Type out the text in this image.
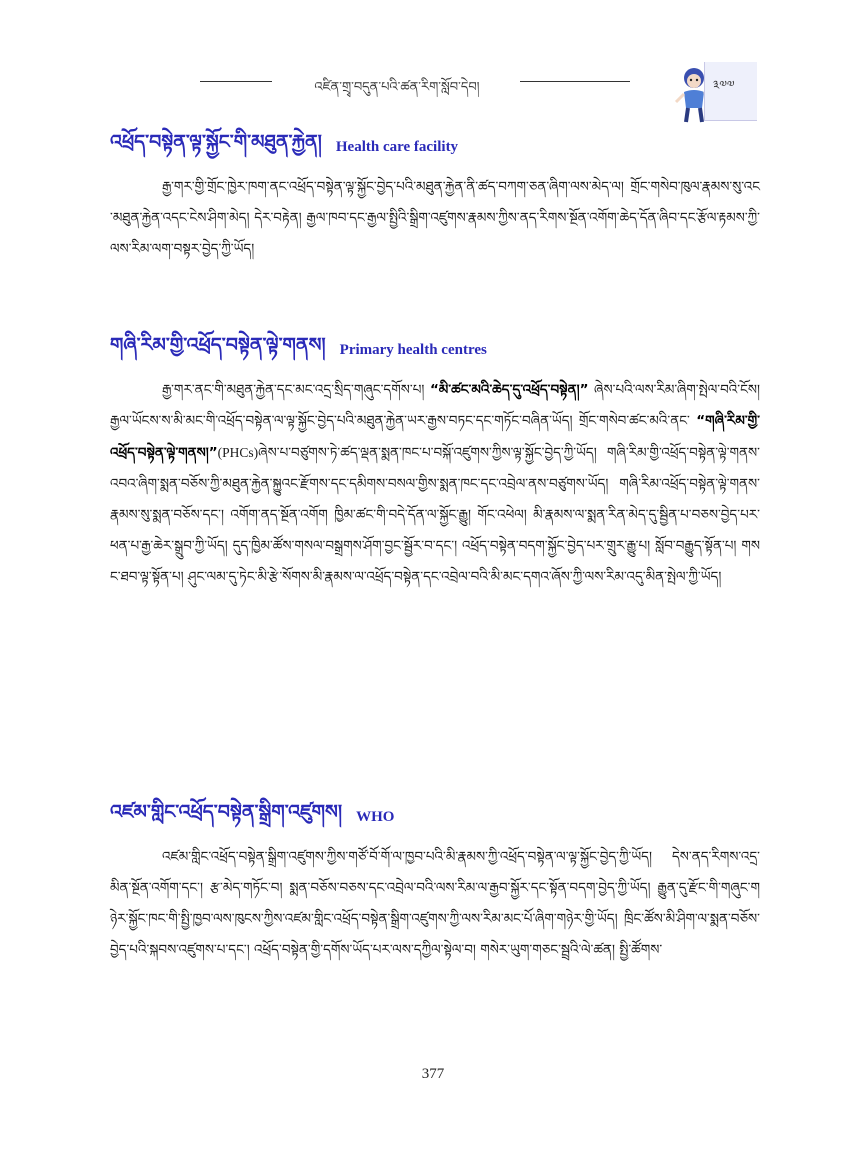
འཛིན་གྲྭ་བདུན་པའི་ཚན་རིག་སློབ་དེབ།	༣༧༧
འཕྲོད་བསྟེན་ལྟ་སྐྱོང་གི་མཐུན་རྐྱེན། Health care facility
རྒྱ་གར་གྱི་གྲོང་ཁྱེར་ཁག་ནང་འཕྲོད་བསྟེན་ལྟ་སྐྱོང་བྱེད་པའི་མཐུན་རྐྱེན་ནི་ཚད་བཀག་ཅན་ཞིག་ལས་མེད་ལ། གྲོང་གསེབ་ཁུལ་རྣམས་སུ་འང་མཐུན་རྐྱེན་འདང་ངེས་ཤིག་མེད། དེར་བརྟེན། རྒྱལ་ཁབ་དང་རྒྱལ་སྤྱིའི་སྒྲིག་འཛུགས་རྣམས་ཀྱིས་ནད་རིགས་སྔོན་འགོག་ཆེད་དོན་ཞིབ་དང་རྩོལ་རྟམས་ཀྱི་ལས་རིམ་ལག་བསྟར་བྱེད་ཀྱི་ཡོད།
གཞི་རིམ་གྱི་འཕྲོད་བསྟེན་ལྟེ་གནས། Primary health centres
རྒྱ་གར་ནང་གི་མཐུན་རྐྱེན་དང་མང་འདྲ་སྲིད་གཞུང་དགོས་པ། “མི་ཚང་མའི་ཆེད་དུ་འཕྲོད་བསྟེན།” ཞེས་པའི་ལས་རིམ་ཞིག་སྤེལ་བའི་ངོས། རྒྱལ་ཡོངས་ས་མི་མང་གི་འཕྲོད་བསྟེན་ལ་ལྟ་སྐྱོང་བྱེད་པའི་མཐུན་རྐྱེན་ཡར་རྒྱས་བཏང་དང་གཏོང་བཞིན་ཡོད། གྲོང་གསེབ་ཚང་མའི་ནང་ “གཞི་རིམ་གྱི་འཕྲོད་བསྟེན་ལྟེ་གནས།”(PHCs)ཞེས་པ་བཙུགས་ཏེ་ཚད་ལྡན་སྨན་ཁང་པ་བསྐོ་འཛུགས་ཀྱིས་ལྟ་སྐྱོང་བྱེད་ཀྱི་ཡོད། གཞི་རིམ་གྱི་འཕྲོད་བསྟེན་ལྟེ་གནས་འབའ་ཞིག་སྨན་བཅོས་ཀྱི་མཐུན་རྐྱེན་སྐྱུའང་རྫོགས་དང་དམིགས་བསལ་གྱིས་སྨན་ཁང་དང་འབྲེལ་ནས་བཙུགས་ཡོད། གཞི་རིམ་འཕྲོད་བསྟེན་ལྟེ་གནས་རྣམས་སུ་སྨན་བཅོས་དང་། འགོག་ནད་སྔོན་འགོག ཁྱིམ་ཚང་གི་བདེ་དོན་ལ་སྐྱོང་རྒྱུ། གོང་འཕེལ། མི་རྣམས་ལ་སྨན་རིན་མེད་དུ་སྦྱིན་པ་བཅས་བྱེད་པར་ཕན་པ་རྒྱ་ཆེར་སྒྲུབ་ཀྱི་ཡོད། དུད་ཁྱིམ་ཚོས་གསལ་བསྒྲགས་ཤོག་བྱང་སྦྱོར་བ་དང་། འཕྲོད་བསྟེན་བདག་སྐྱོང་བྱེད་པར་གྲུར་རྒྱུ་པ། སློབ་བརྒྱུད་སྟོན་པ། གསང་ཐབ་ལྟ་སྟོན་པ། ཤུང་ལམ་དུ་ཏེང་མི་རྩེ་སོགས་མི་རྣམས་ལ་འཕྲོད་བསྟེན་དང་འབྲེལ་བའི་མི་མང་དགའ་ཞོས་ཀྱི་ལས་རིམ་འདུ་མིན་སྤེལ་ཀྱི་ཡོད།
འཛམ་གླིང་འཕྲོད་བསྟེན་སྒྲིག་འཛུགས། WHO
འཛམ་གླིང་འཕྲོད་བསྟེན་སྒྲིག་འཛུགས་ཀྱིས་གཙོ་བོ་གོ་ལ་ཁྱབ་པའི་མི་རྣམས་ཀྱི་འཕྲོད་བསྟེན་ལ་ལྟ་སྐྱོང་བྱེད་ཀྱི་ཡོད། དེས་ནད་རིགས་འདྲ་མིན་སྔོན་འགོག་དང་། རྩ་མེད་གཏོང་བ། སྨན་བཅོས་བཅས་དང་འབྲེལ་བའི་ལས་རིམ་ལ་རྒྱབ་སྐྱོར་དང་སྟོན་བདག་བྱེད་ཀྱི་ཡོད། རྒྱུན་དུ་རྫོང་གི་གཞུང་གཉེར་སྐྱོང་ཁང་གི་སྤྱི་ཁྱབ་ལས་ཁུངས་ཀྱིས་འཛམ་གླིང་འཕྲོད་བསྟེན་སྒྲིག་འཛུགས་ཀྱི་ལས་རིམ་མང་པོ་ཞིག་གཉེར་གྱི་ཡོད། ཁྲིང་ཚོས་མི་ཤིག་ལ་སྨན་བཅོས་བྱེད་པའི་སྐབས་འཛུགས་པ་དང་། འཕྲོད་བསྟེན་གྱི་དགོས་ཡོད་པར་ལས་དཀྱིལ་སྟེལ་བ། གསེར་ཡུག་གཅང་སྦྲའི་ལེ་ཚན། སྤྱི་ཚོགས་
377
